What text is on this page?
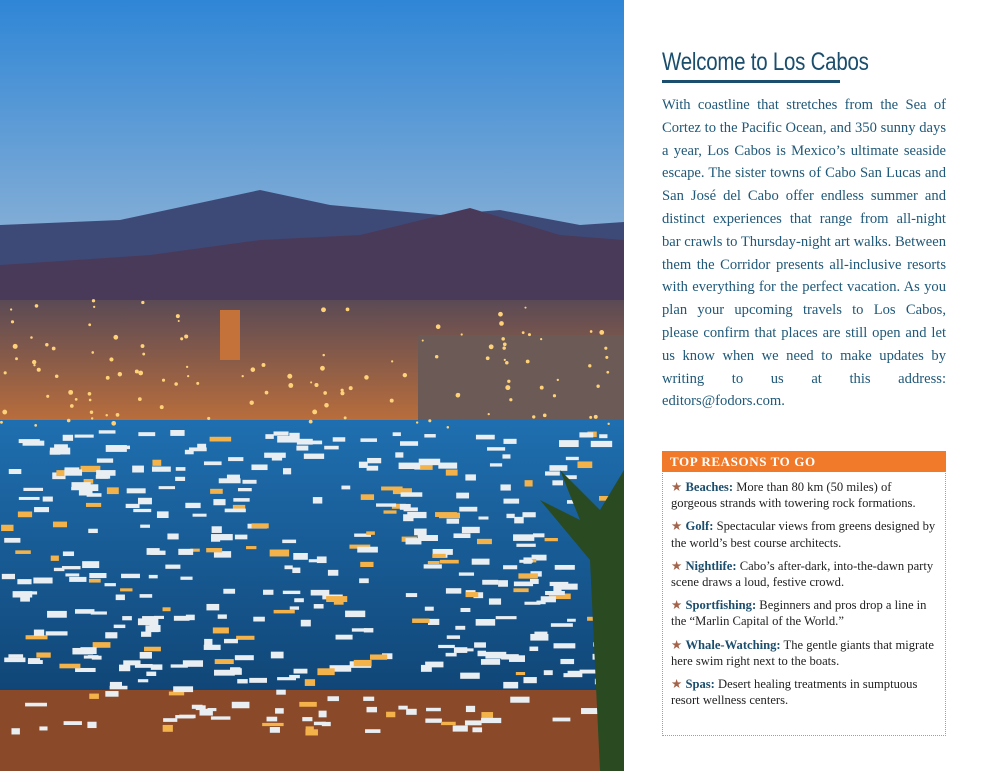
Welcome to Los Cabos

With coastline that stretches from the Sea of Cortez to the Pacific Ocean, and 350 sunny days a year, Los Cabos is Mexico’s ultimate seaside escape. The sister towns of Cabo San Lucas and San José del Cabo offer endless summer and distinct experiences that range from all-night bar crawls to Thursday-night art walks. Between them the Corridor presents all-inclusive resorts with everything for the perfect vacation. As you plan your upcoming travels to Los Cabos, please confirm that places are still open and let us know when we need to make updates by writing to us at this address: editors@fodors.com.

TOP REASONS TO GO
★ Beaches: More than 80 km (50 miles) of gorgeous strands with towering rock formations.
★ Golf: Spectacular views from greens designed by the world’s best course architects.
★ Nightlife: Cabo’s after-dark, into-the-dawn party scene draws a loud, festive crowd.
★ Sportfishing: Beginners and pros drop a line in the “Marlin Capital of the World.”
★ Whale-Watching: The gentle giants that migrate here swim right next to the boats.
★ Spas: Desert healing treatments in sumptuous resort wellness centers.
